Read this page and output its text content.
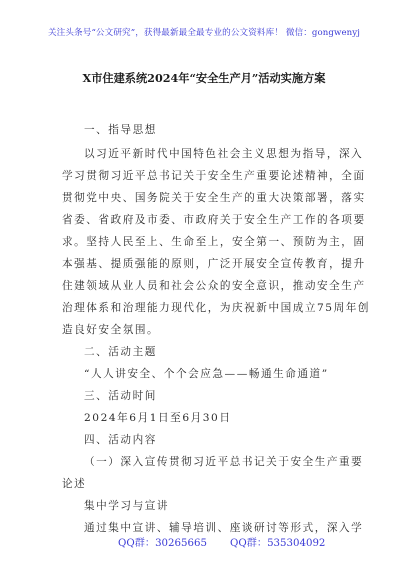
关注头条号“公文研究”，获得最新最全最专业的公文资料库！ 微信：gongwenyj
X市住建系统2024年“安全生产月”活动实施方案
一、指导思想
以习近平新时代中国特色社会主义思想为指导，深入
学习贯彻习近平总书记关于安全生产重要论述精神，全面
贯彻党中央、国务院关于安全生产的重大决策部署，落实
省委、省政府及市委、市政府关于安全生产工作的各项要
求。坚持人民至上、生命至上，安全第一、预防为主，固
本强基、提质强能的原则，广泛开展安全宣传教育，提升
住建领域从业人员和社会公众的安全意识，推动安全生产
治理体系和治理能力现代化，为庆祝新中国成立75周年创
造良好安全氛围。
二、活动主题
“人人讲安全、个个会应急——畅通生命通道”
三、活动时间
2024年6月1日至6月30日
四、活动内容
（一）深入宣传贯彻习近平总书记关于安全生产重要
论述
集中学习与宣讲
通过集中宣讲、辅导培训、座谈研讨等形式，深入学
QQ群：30265665 QQ群：535304092
